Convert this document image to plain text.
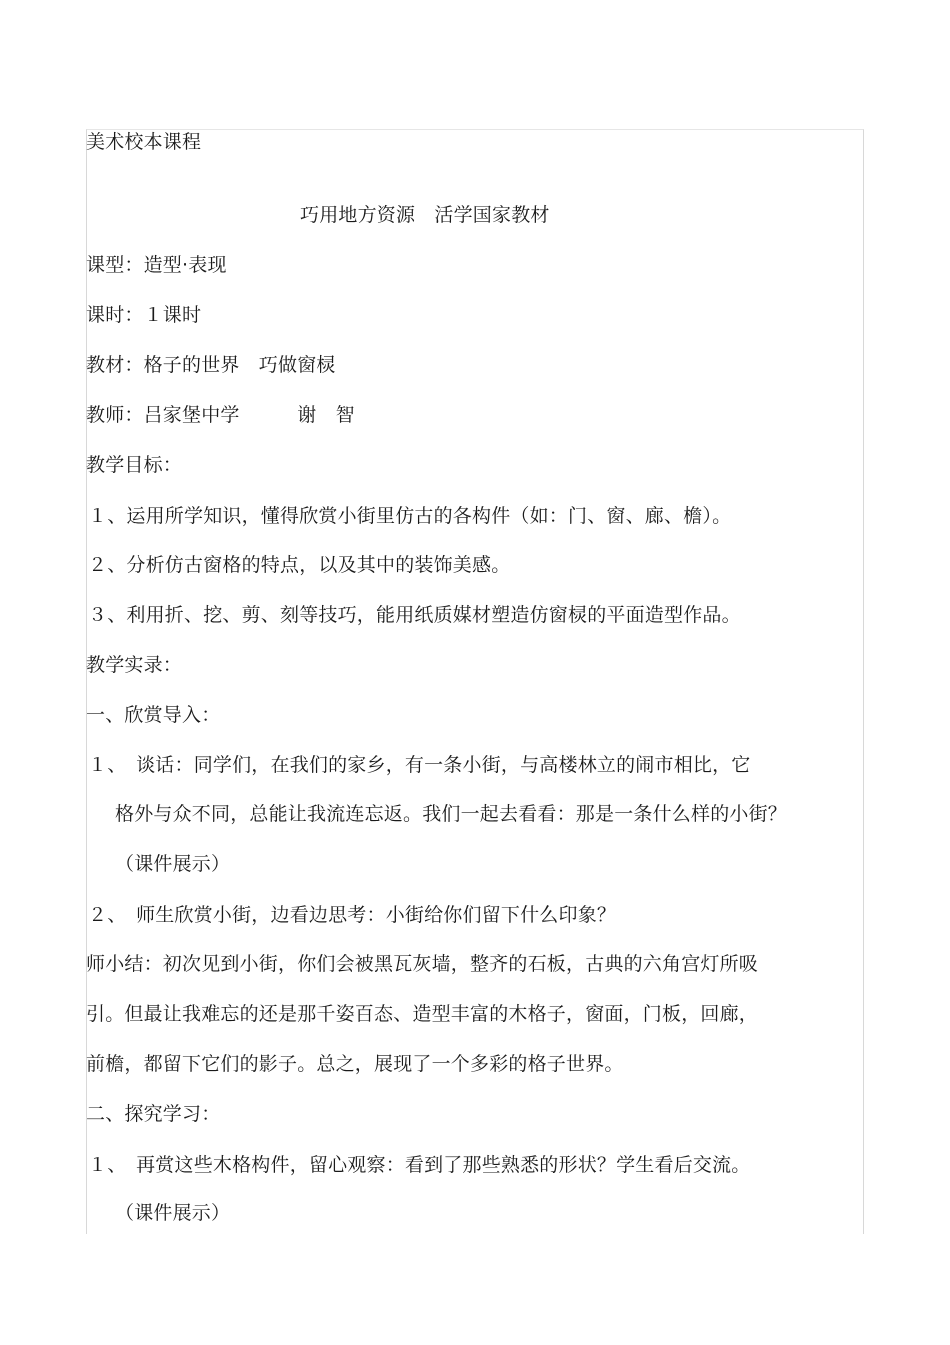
美术校本课程
巧用地方资源　活学国家教材
课型：造型·表现
课时：１课时
教材：格子的世界　巧做窗棂
教师：吕家堡中学　　　谢　智
教学目标：
１、运用所学知识，懂得欣赏小街里仿古的各构件（如：门、窗、廊、檐）。
２、分析仿古窗格的特点，以及其中的装饰美感。
３、利用折、挖、剪、刻等技巧，能用纸质媒材塑造仿窗棂的平面造型作品。
教学实录：
一、欣赏导入：
１、　谈话：同学们，在我们的家乡，有一条小街，与高楼林立的闹市相比，它
格外与众不同，总能让我流连忘返。我们一起去看看：那是一条什么样的小街？
（课件展示）
２、　师生欣赏小街，边看边思考：小街给你们留下什么印象？
师小结：初次见到小街，你们会被黑瓦灰墙，整齐的石板，古典的六角宫灯所吸
引。但最让我难忘的还是那千姿百态、造型丰富的木格子，窗面，门板，回廊，
前檐，都留下它们的影子。总之，展现了一个多彩的格子世界。
二、探究学习：
１、　再赏这些木格构件，留心观察：看到了那些熟悉的形状？学生看后交流。
（课件展示）
